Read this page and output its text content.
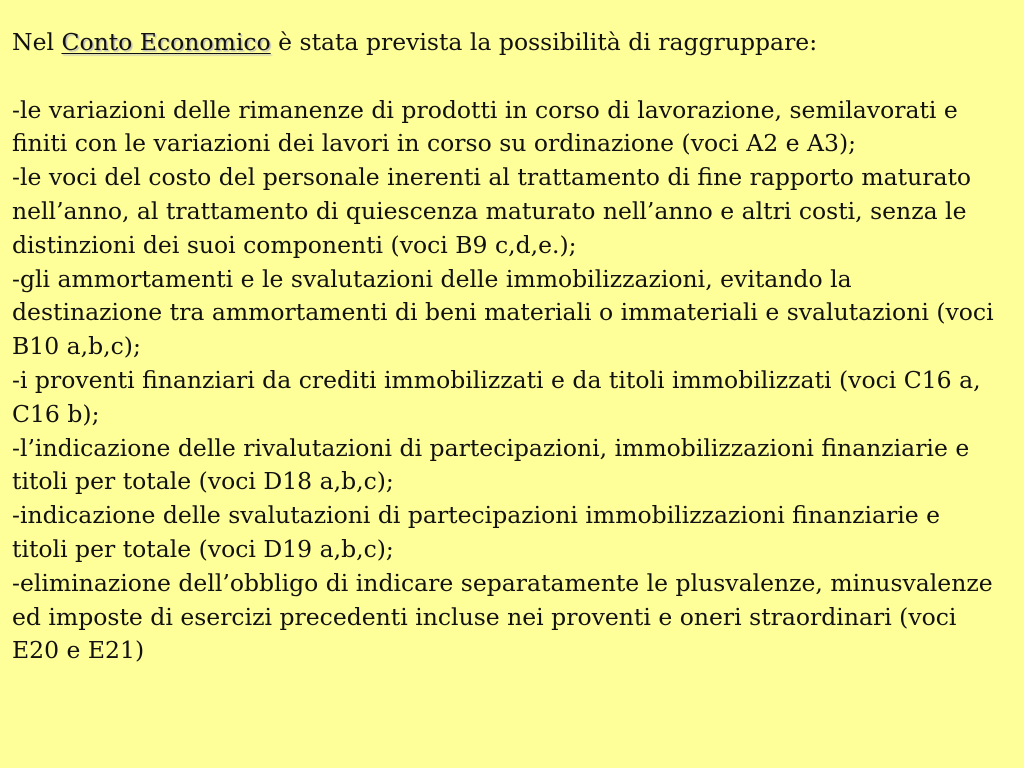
Nel Conto Economico è stata prevista la possibilità di raggruppare:

-le variazioni delle rimanenze di prodotti in corso di lavorazione, semilavorati e finiti con le variazioni dei lavori in corso su ordinazione (voci A2 e A3);
-le voci del costo del personale inerenti al trattamento di fine rapporto maturato nell’anno, al trattamento di quiescenza maturato nell’anno e altri costi, senza le distinzioni dei suoi componenti (voci B9 c,d,e.);
-gli ammortamenti e le svalutazioni delle immobilizzazioni, evitando la destinazione tra ammortamenti di beni materiali o immateriali e svalutazioni (voci B10 a,b,c);
-i proventi finanziari da crediti immobilizzati e da titoli immobilizzati (voci C16 a, C16 b);
-l’indicazione delle rivalutazioni di partecipazioni, immobilizzazioni finanziarie e titoli per totale (voci D18 a,b,c);
-indicazione delle svalutazioni di partecipazioni immobilizzazioni finanziarie e titoli per totale (voci D19 a,b,c);
-eliminazione dell’obbligo di indicare separatamente le plusvalenze, minusvalenze ed imposte di esercizi precedenti incluse nei proventi e oneri straordinari (voci E20 e E21)
